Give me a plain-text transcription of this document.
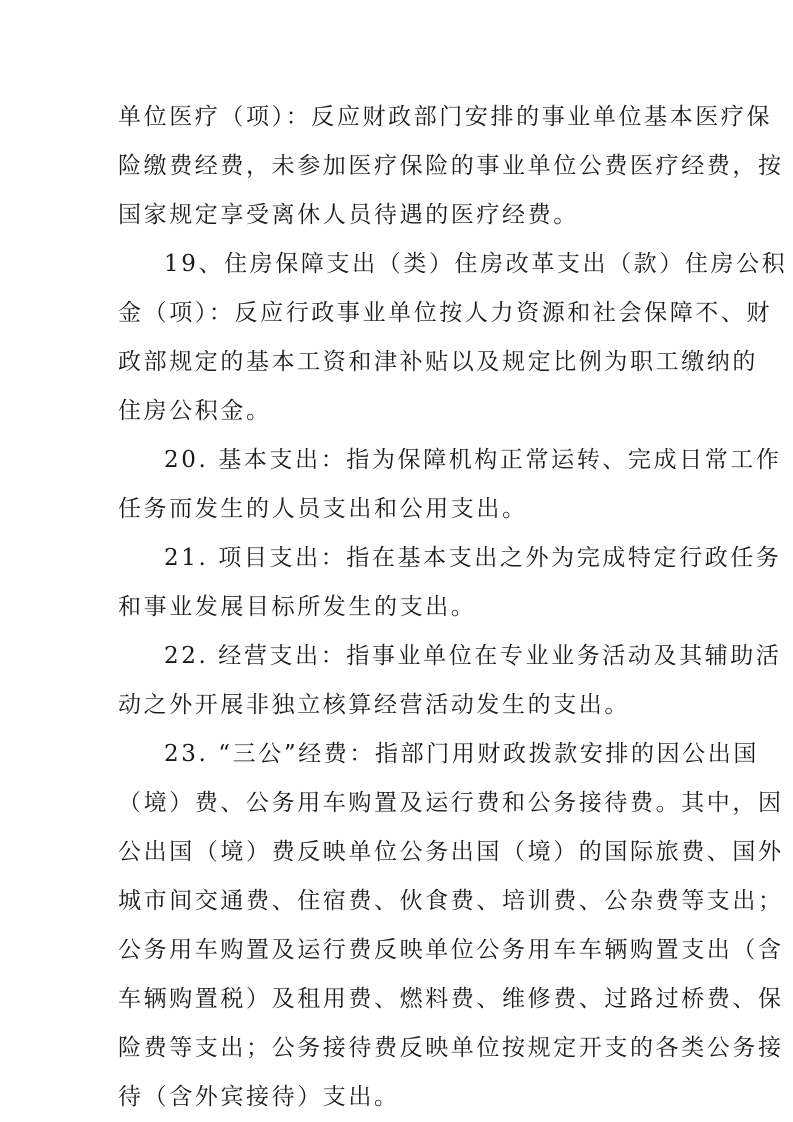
单位医疗（项）：反应财政部门安排的事业单位基本医疗保
险缴费经费，未参加医疗保险的事业单位公费医疗经费，按
国家规定享受离休人员待遇的医疗经费。
19、住房保障支出（类）住房改革支出（款）住房公积
金（项）：反应行政事业单位按人力资源和社会保障不、财
政部规定的基本工资和津补贴以及规定比例为职工缴纳的
住房公积金。
20. 基本支出：指为保障机构正常运转、完成日常工作
任务而发生的人员支出和公用支出。
21. 项目支出：指在基本支出之外为完成特定行政任务
和事业发展目标所发生的支出。
22. 经营支出：指事业单位在专业业务活动及其辅助活
动之外开展非独立核算经营活动发生的支出。
23. “三公”经费：指部门用财政拨款安排的因公出国
（境）费、公务用车购置及运行费和公务接待费。其中，因
公出国（境）费反映单位公务出国（境）的国际旅费、国外
城市间交通费、住宿费、伙食费、培训费、公杂费等支出；
公务用车购置及运行费反映单位公务用车车辆购置支出（含
车辆购置税）及租用费、燃料费、维修费、过路过桥费、保
险费等支出；公务接待费反映单位按规定开支的各类公务接
待（含外宾接待）支出。
